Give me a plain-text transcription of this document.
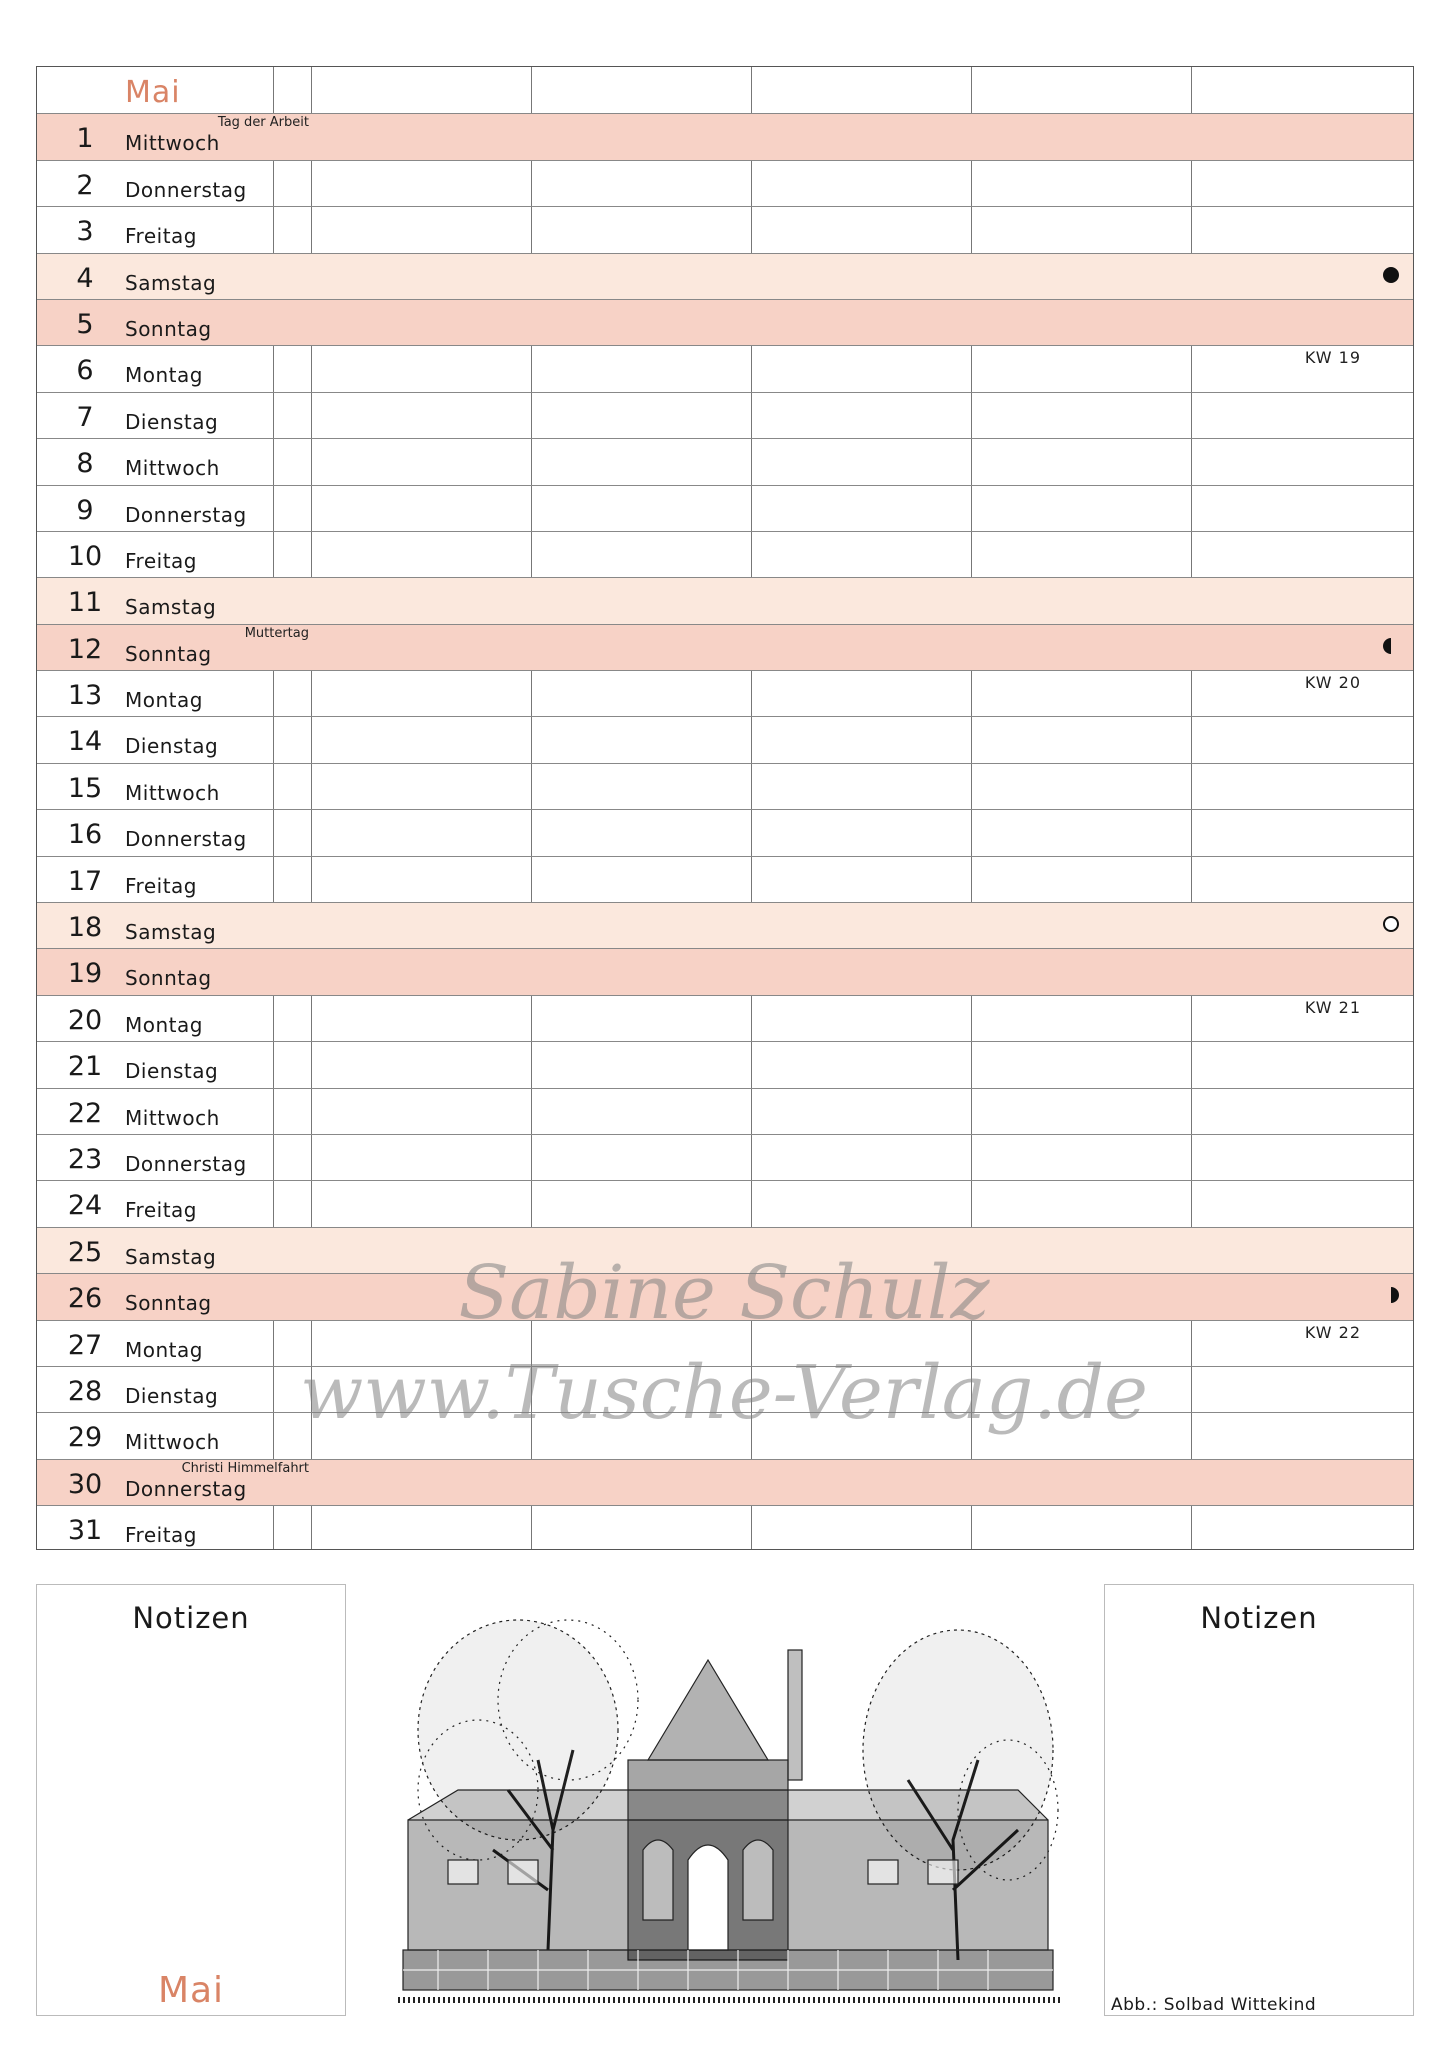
Mai
1	Mittwoch
Tag der Arbeit
2	Donnerstag
3	Freitag
4	Samstag
5	Sonntag
6	Montag
KW 19
7	Dienstag
8	Mittwoch
9	Donnerstag
10	Freitag
11	Samstag
12	Sonntag
Muttertag
13	Montag
KW 20
14	Dienstag
15	Mittwoch
16	Donnerstag
17	Freitag
18	Samstag
19	Sonntag
20	Montag
KW 21
21	Dienstag
22	Mittwoch
23	Donnerstag
24	Freitag
25	Samstag
26	Sonntag
27	Montag
KW 22
28	Dienstag
29	Mittwoch
30	Donnerstag
Christi Himmelfahrt
31	Freitag
Sabine Schulz
www.Tusche-Verlag.de
Notizen
Mai
Notizen
Abb.: Solbad Wittekind
